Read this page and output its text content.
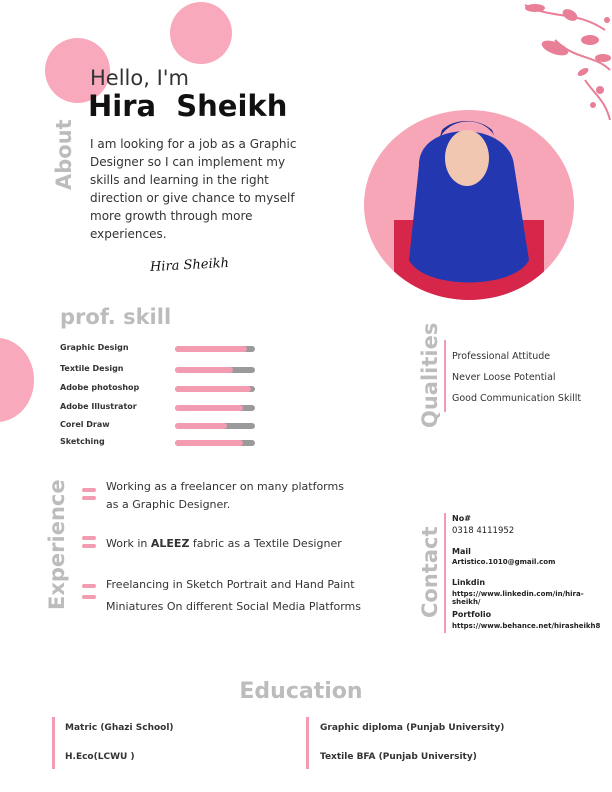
About
Hello, I'm
Hira  Sheikh
I am looking for a job as a Graphic Designer so I can implement my skills and learning in the right direction or give chance to myself more growth through more experiences.
Hira Sheikh
prof. skill
Graphic Design
Textile Design
Adobe photoshop
Adobe Illustrator
Corel Draw
Sketching
Qualities Professional Attitude
Never Loose Potential
Good Communication Skillt
Experience	Working as a freelancer on many platforms
as a Graphic Designer.
Work in ALEEZ fabric as a Textile Designer
Freelancing in Sketch Portrait and Hand Paint
Miniatures On different Social Media Platforms	Contact
No#
0318 4111952
Mail
Artistico.1010@gmail.com
Linkdin
https://www.linkedin.com/in/hira-sheikh/
Portfolio
https://www.behance.net/hirasheikh8
Education
Matric (Ghazi School)
H.Eco(LCWU )
Graphic diploma (Punjab University)
Textile BFA (Punjab University)
